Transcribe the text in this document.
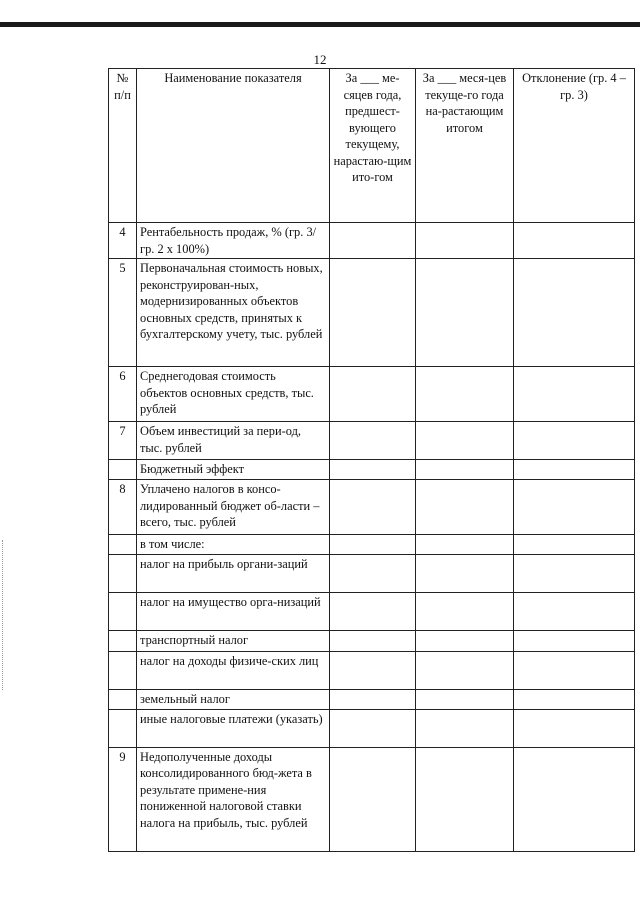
12
№ п/п	Наименование показателя	За ___ ме-сяцев года, предшест-вующего текущему, нарастаю-щим ито-гом	За ___ меся-цев текуще-го года на-растающим итогом	Отклонение (гр. 4 – гр. 3)
4	Рентабельность продаж, % (гр. 3/гр. 2 х 100%)			
5	Первоначальная стоимость новых, реконструирован-ных, модернизированных объектов основных средств, принятых к бухгалтерскому учету, тыс. рублей			
6	Среднегодовая стоимость объектов основных средств, тыс. рублей			
7	Объем инвестиций за пери-од, тыс. рублей			
	Бюджетный эффект			
8	Уплачено налогов в консо-лидированный бюджет об-ласти – всего, тыс. рублей			
	в том числе:			
	налог на прибыль органи-заций			
	налог на имущество орга-низаций			
	транспортный налог			
	налог на доходы физиче-ских лиц			
	земельный налог			
	иные налоговые платежи (указать)			
9	Недополученные доходы консолидированного бюд-жета в результате примене-ния пониженной налоговой ставки налога на прибыль, тыс. рублей			
